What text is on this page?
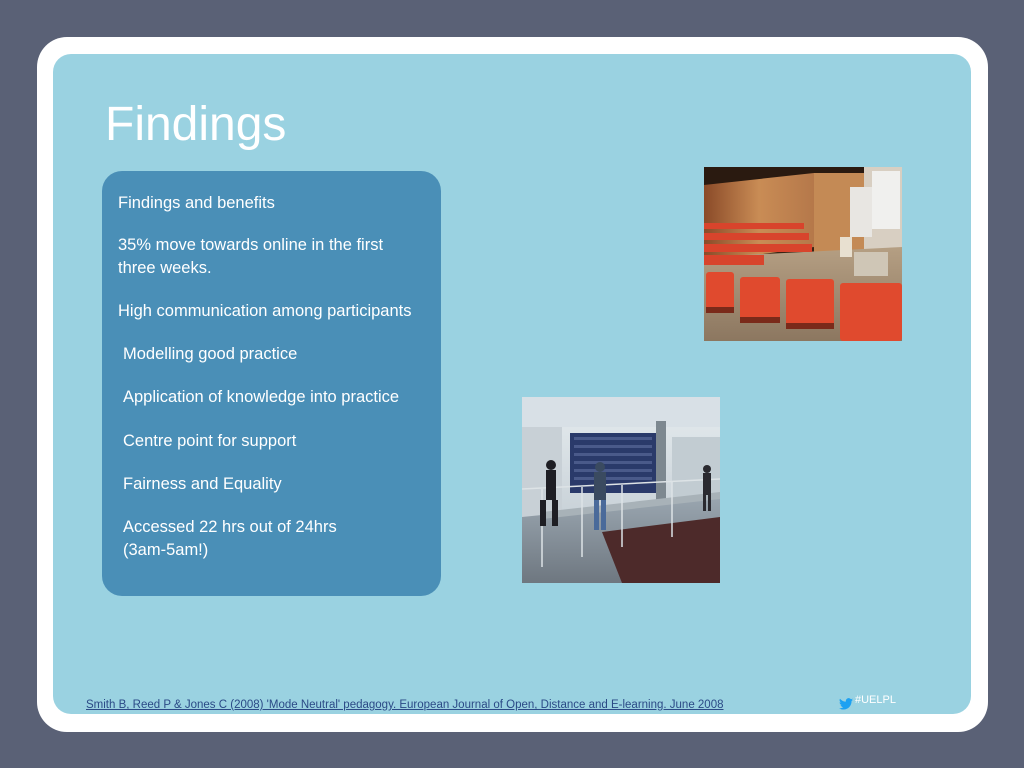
Findings
Findings and benefits
35% move towards online in the first
three weeks.
High communication among participants
Modelling good practice
Application of knowledge into practice
Centre point for support
Fairness and Equality
Accessed 22 hrs out of 24hrs
(3am-5am!)
Smith B, Reed P & Jones C (2008) 'Mode Neutral' pedagogy. European Journal of Open, Distance and E-learning. June 2008	#UELPL
